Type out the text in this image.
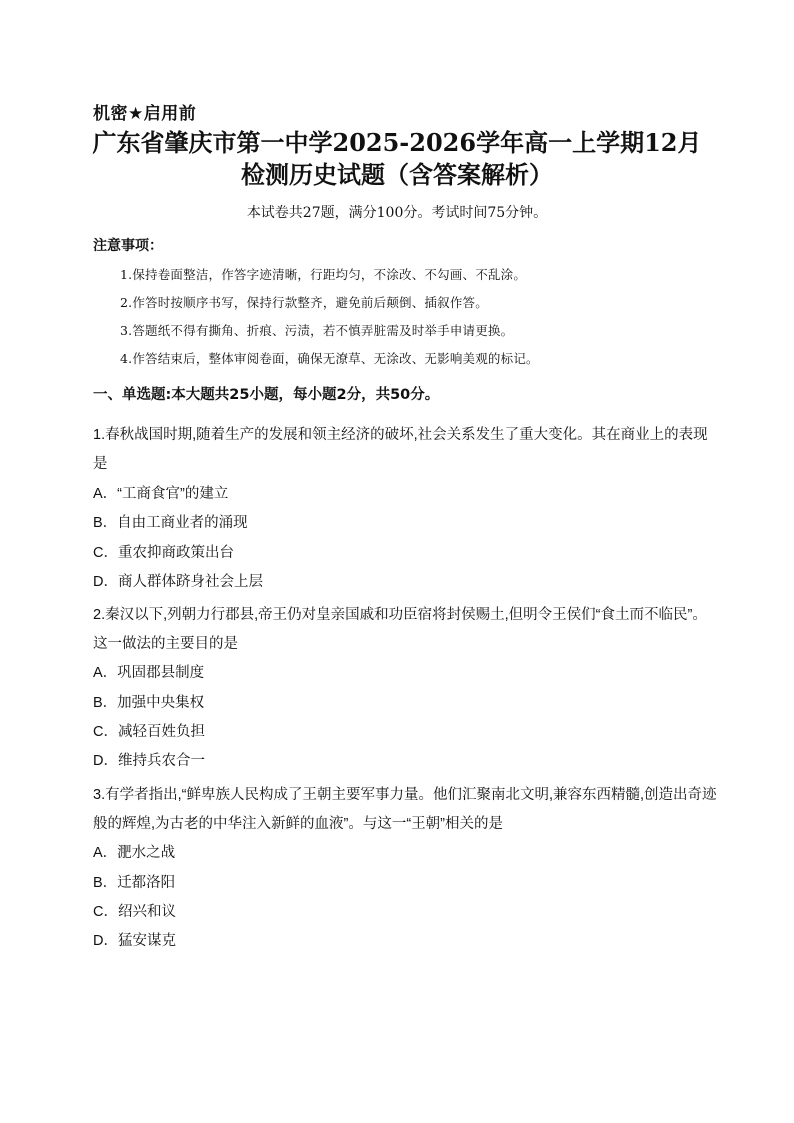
机密★启用前
广东省肇庆市第一中学2025-2026学年高一上学期12月
检测历史试题（含答案解析）
本试卷共27题，满分100分。考试时间75分钟。
注意事项：
1.保持卷面整洁，作答字迹清晰，行距均匀，不涂改、不勾画、不乱涂。
2.作答时按顺序书写，保持行款整齐，避免前后颠倒、插叙作答。
3.答题纸不得有撕角、折痕、污渍，若不慎弄脏需及时举手申请更换。
4.作答结束后，整体审阅卷面，确保无潦草、无涂改、无影响美观的标记。
一、单选题:本大题共25小题，每小题2分，共50分。
1.春秋战国时期,随着生产的发展和领主经济的破坏,社会关系发生了重大变化。其在商业上的表现
是
A．“工商食官”的建立
B．自由工商业者的涌现
C．重农抑商政策出台
D．商人群体跻身社会上层
2.秦汉以下,列朝力行郡县,帝王仍对皇亲国戚和功臣宿将封侯赐土,但明令王侯们“食土而不临民”。
这一做法的主要目的是
A．巩固郡县制度
B．加强中央集权
C．减轻百姓负担
D．维持兵农合一
3.有学者指出,“鲜卑族人民构成了王朝主要军事力量。他们汇聚南北文明,兼容东西精髓,创造出奇迹
般的辉煌,为古老的中华注入新鲜的血液”。与这一“王朝”相关的是
A．淝水之战
B．迁都洛阳
C．绍兴和议
D．猛安谋克
